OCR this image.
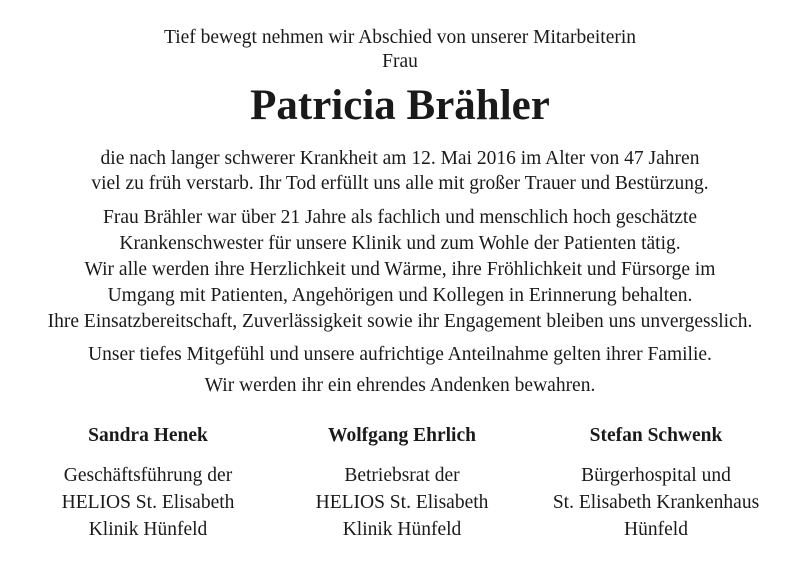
Tief bewegt nehmen wir Abschied von unserer Mitarbeiterin
Frau
Patricia Brähler
die nach langer schwerer Krankheit am 12. Mai 2016 im Alter von 47 Jahren
viel zu früh verstarb. Ihr Tod erfüllt uns alle mit großer Trauer und Bestürzung.
Frau Brähler war über 21 Jahre als fachlich und menschlich hoch geschätzte
Krankenschwester für unsere Klinik und zum Wohle der Patienten tätig.
Wir alle werden ihre Herzlichkeit und Wärme, ihre Fröhlichkeit und Fürsorge im
Umgang mit Patienten, Angehörigen und Kollegen in Erinnerung behalten.
Ihre Einsatzbereitschaft, Zuverlässigkeit sowie ihr Engagement bleiben uns unvergesslich.
Unser tiefes Mitgefühl und unsere aufrichtige Anteilnahme gelten ihrer Familie.
Wir werden ihr ein ehrendes Andenken bewahren.
Sandra Henek
Geschäftsführung der
HELIOS St. Elisabeth
Klinik Hünfeld
Wolfgang Ehrlich
Betriebsrat der
HELIOS St. Elisabeth
Klinik Hünfeld
Stefan Schwenk
Bürgerhospital und
St. Elisabeth Krankenhaus
Hünfeld
